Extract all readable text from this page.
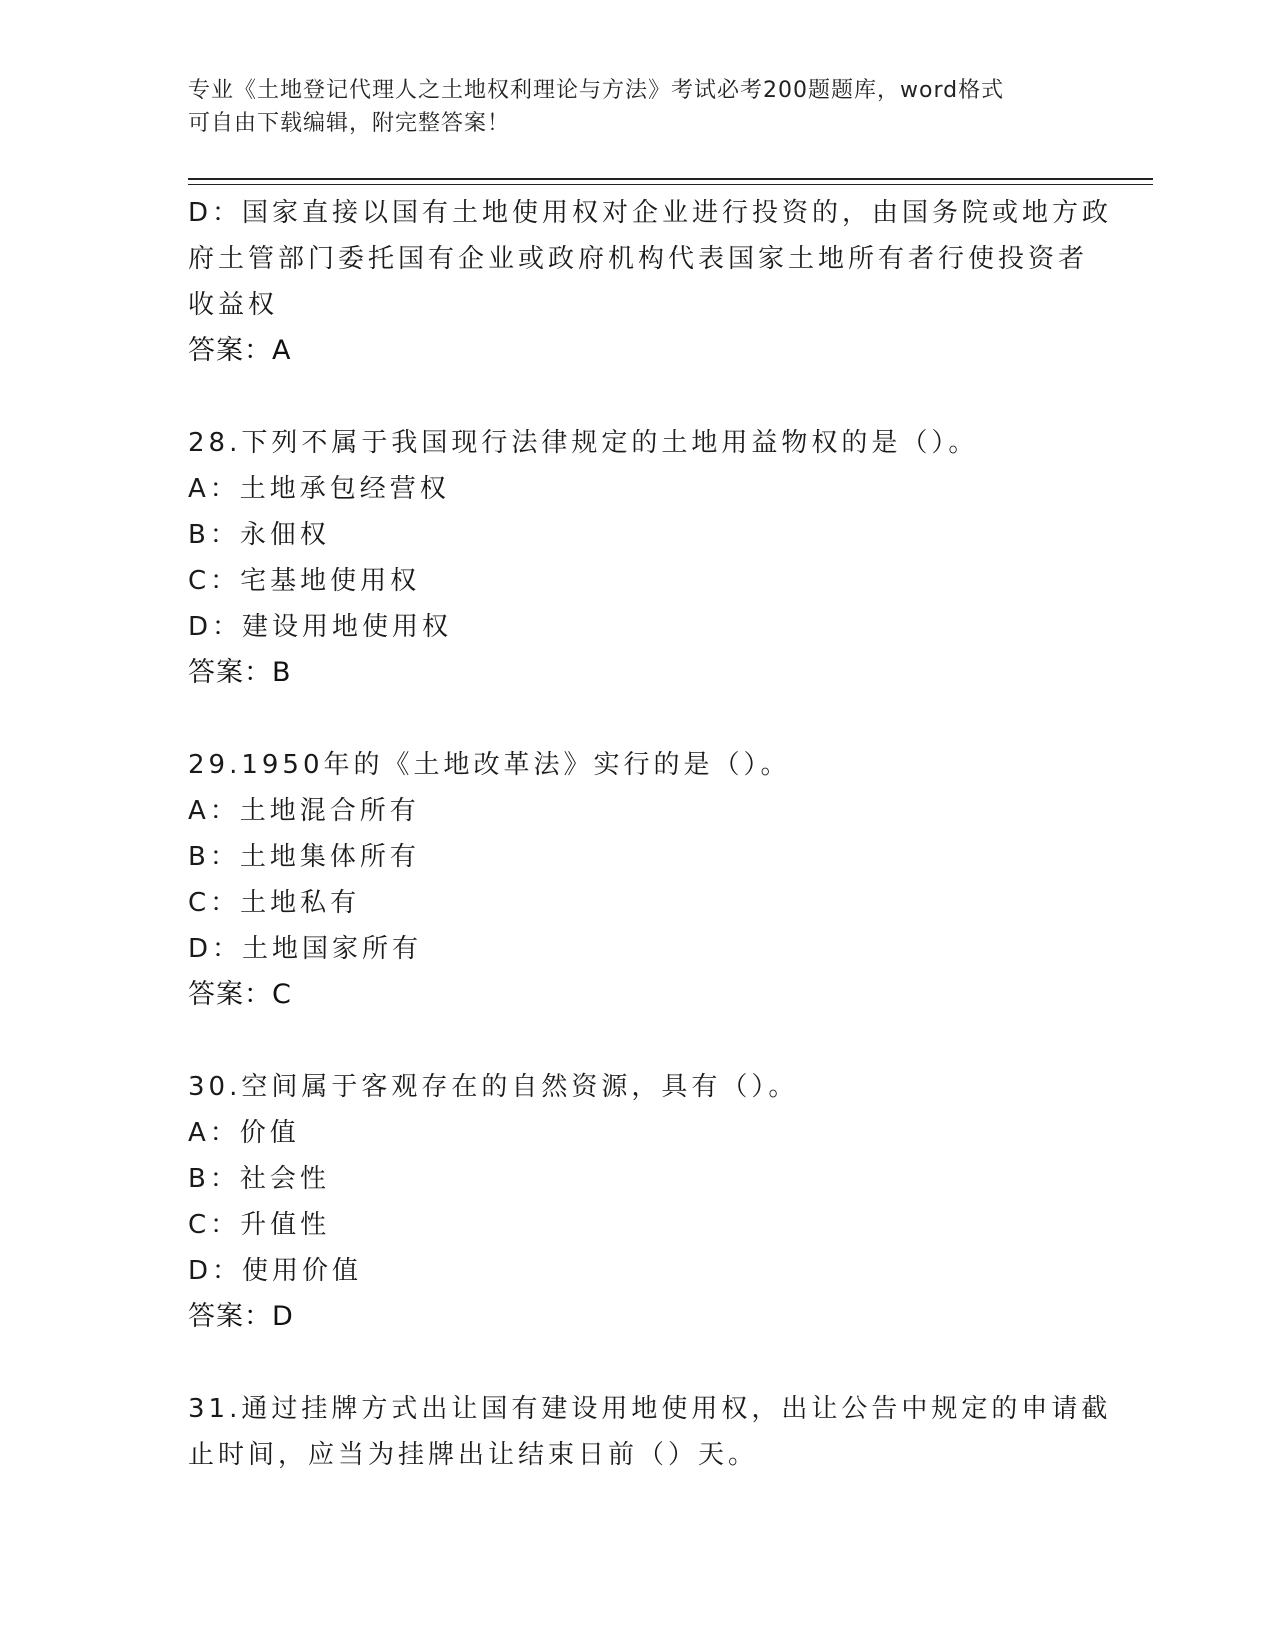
专业《土地登记代理人之土地权利理论与方法》考试必考200题题库，word格式
可自由下载编辑，附完整答案！
D：国家直接以国有土地使用权对企业进行投资的，由国务院或地方政
府土管部门委托国有企业或政府机构代表国家土地所有者行使投资者
收益权
答案：A
28.下列不属于我国现行法律规定的土地用益物权的是（）。
A：土地承包经营权
B：永佃权
C：宅基地使用权
D：建设用地使用权
答案：B
29.1950年的《土地改革法》实行的是（）。
A：土地混合所有
B：土地集体所有
C：土地私有
D：土地国家所有
答案：C
30.空间属于客观存在的自然资源，具有（）。
A：价值
B：社会性
C：升值性
D：使用价值
答案：D
31.通过挂牌方式出让国有建设用地使用权，出让公告中规定的申请截
止时间，应当为挂牌出让结束日前（）天。
